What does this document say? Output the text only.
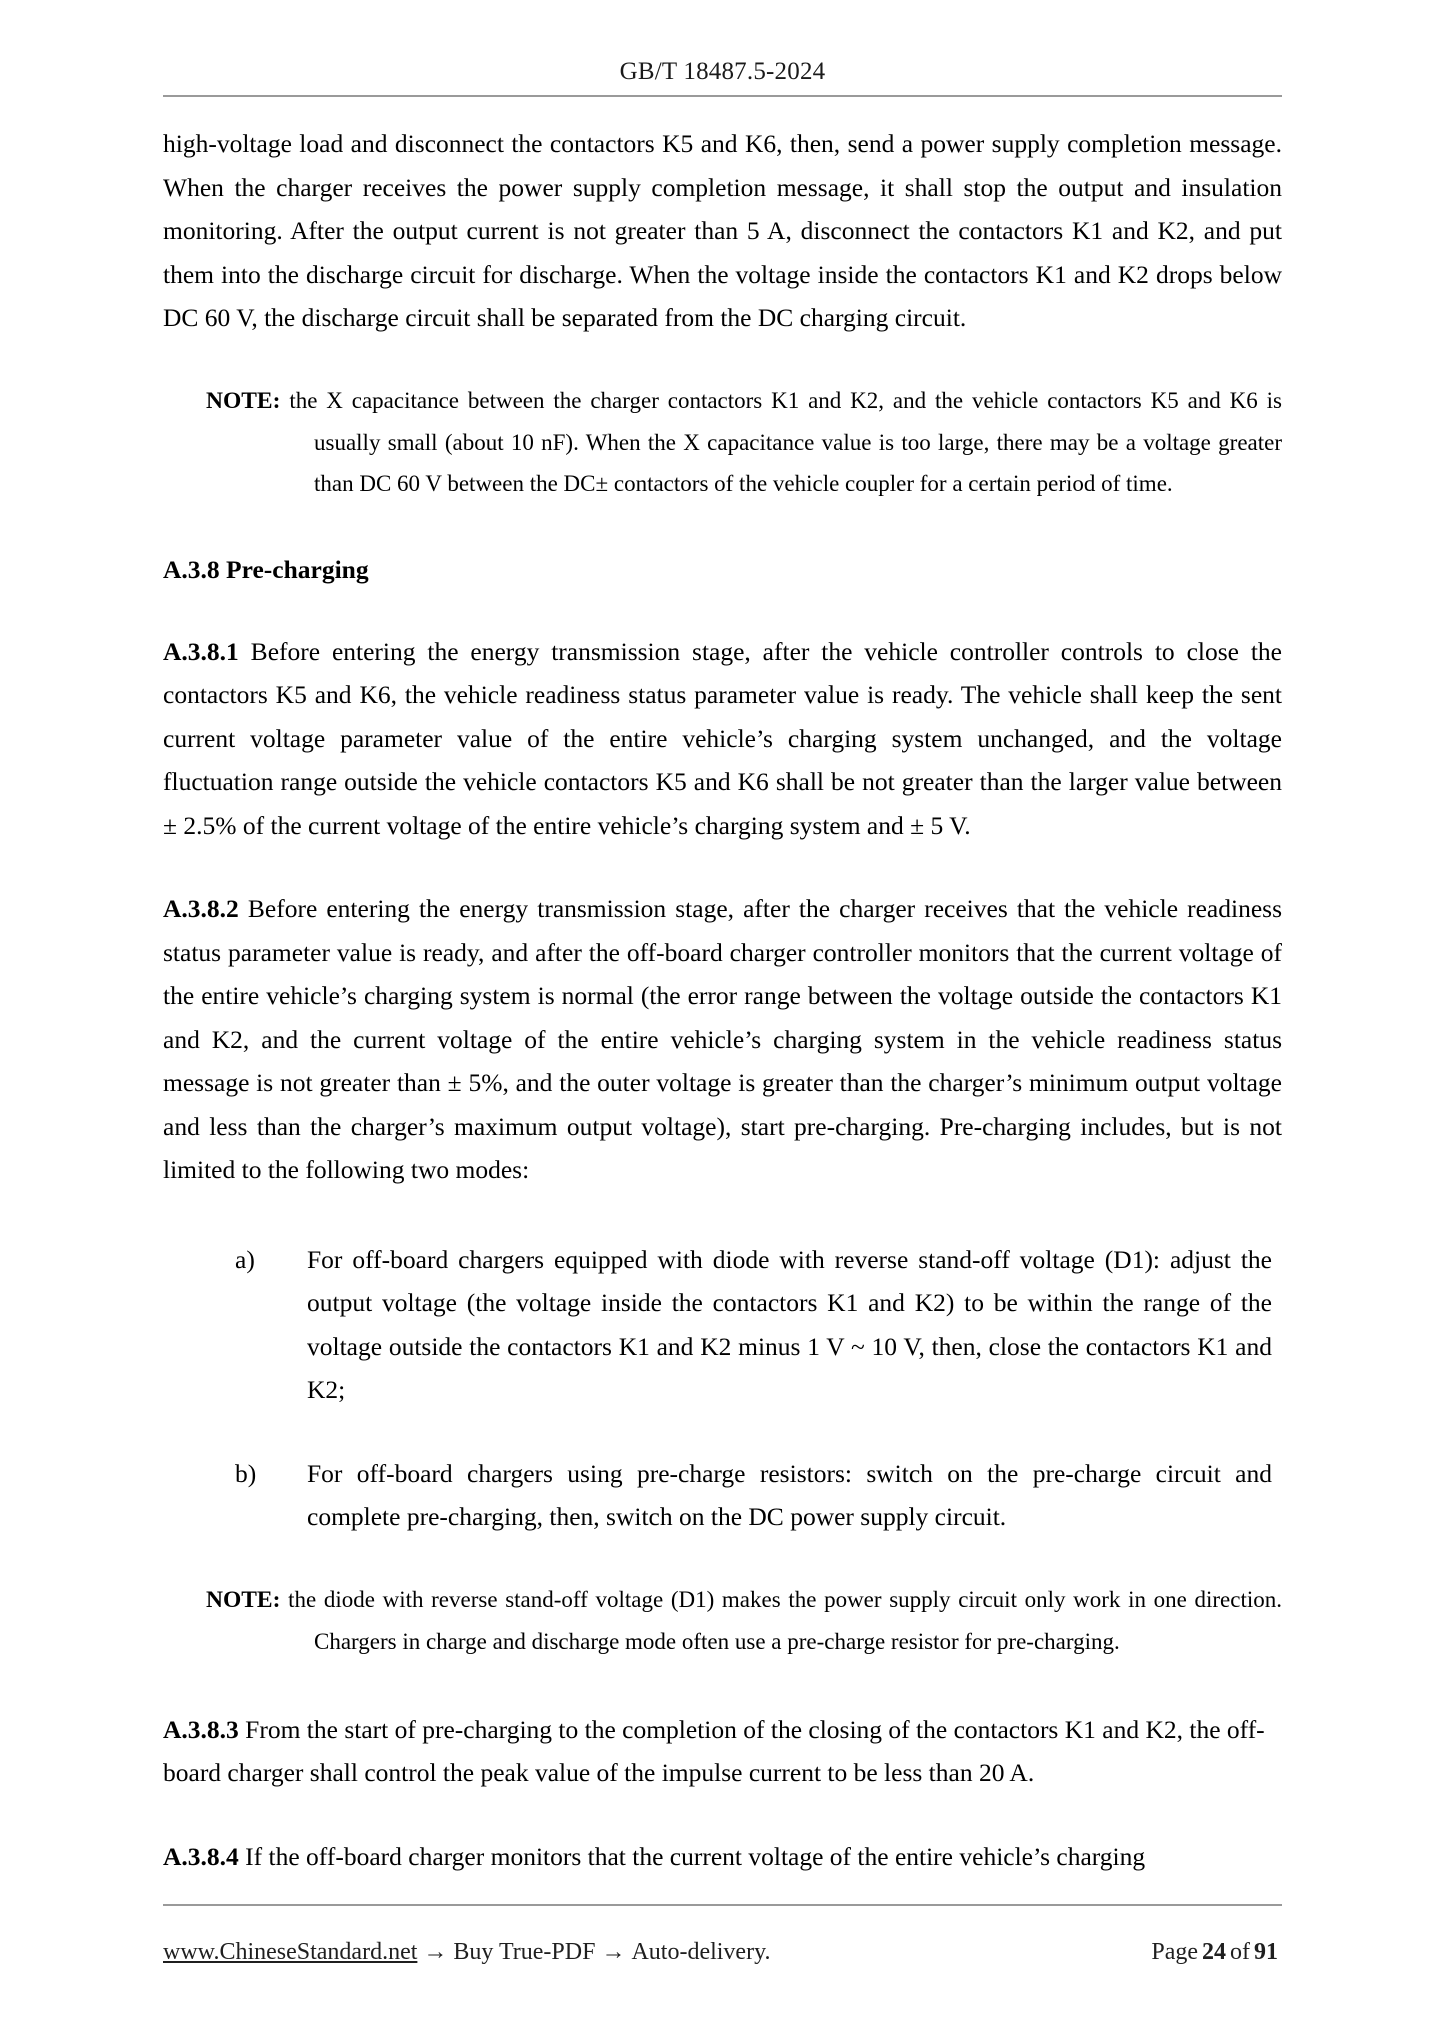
GB/T 18487.5-2024

high-voltage load and disconnect the contactors K5 and K6, then, send a power supply completion message. When the charger receives the power supply completion message, it shall stop the output and insulation monitoring. After the output current is not greater than 5 A, disconnect the contactors K1 and K2, and put them into the discharge circuit for discharge. When the voltage inside the contactors K1 and K2 drops below DC 60 V, the discharge circuit shall be separated from the DC charging circuit.

NOTE: the X capacitance between the charger contactors K1 and K2, and the vehicle contactors K5 and K6 is usually small (about 10 nF). When the X capacitance value is too large, there may be a voltage greater than DC 60 V between the DC± contactors of the vehicle coupler for a certain period of time.
A.3.8 Pre-charging

A.3.8.1 Before entering the energy transmission stage, after the vehicle controller controls to close the contactors K5 and K6, the vehicle readiness status parameter value is ready. The vehicle shall keep the sent current voltage parameter value of the entire vehicle’s charging system unchanged, and the voltage fluctuation range outside the vehicle contactors K5 and K6 shall be not greater than the larger value between ± 2.5% of the current voltage of the entire vehicle’s charging system and ± 5 V.

A.3.8.2 Before entering the energy transmission stage, after the charger receives that the vehicle readiness status parameter value is ready, and after the off-board charger controller monitors that the current voltage of the entire vehicle’s charging system is normal (the error range between the voltage outside the contactors K1 and K2, and the current voltage of the entire vehicle’s charging system in the vehicle readiness status message is not greater than ± 5%, and the outer voltage is greater than the charger’s minimum output voltage and less than the charger’s maximum output voltage), start pre-charging. Pre-charging includes, but is not limited to the following two modes:

a)	For off-board chargers equipped with diode with reverse stand-off voltage (D1): adjust the output voltage (the voltage inside the contactors K1 and K2) to be within the range of the voltage outside the contactors K1 and K2 minus 1 V ~ 10 V, then, close the contactors K1 and K2;
b)	For off-board chargers using pre-charge resistors: switch on the pre-charge circuit and complete pre-charging, then, switch on the DC power supply circuit.
NOTE: the diode with reverse stand-off voltage (D1) makes the power supply circuit only work in one direction. Chargers in charge and discharge mode often use a pre-charge resistor for pre-charging.

A.3.8.3 From the start of pre-charging to the completion of the closing of the contactors K1 and K2, the off-board charger shall control the peak value of the impulse current to be less than 20 A.

A.3.8.4 If the off-board charger monitors that the current voltage of the entire vehicle’s charging

www.ChineseStandard.net → Buy True-PDF → Auto-delivery.	Page 24 of 91
